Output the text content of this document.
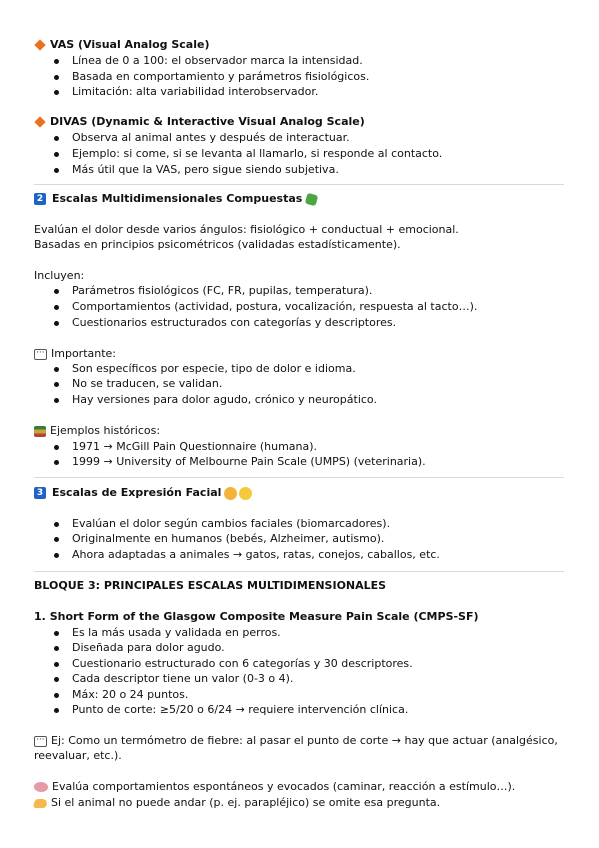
VAS (Visual Analog Scale)
Línea de 0 a 100: el observador marca la intensidad.
Basada en comportamiento y parámetros fisiológicos.
Limitación: alta variabilidad interobservador.
DIVAS (Dynamic & Interactive Visual Analog Scale)
Observa al animal antes y después de interactuar.
Ejemplo: si come, si se levanta al llamarlo, si responde al contacto.
Más útil que la VAS, pero sigue siendo subjetiva.
2 Escalas Multidimensionales Compuestas
Evalúan el dolor desde varios ángulos: fisiológico + conductual + emocional.
Basadas en principios psicométricos (validadas estadísticamente).
Incluyen:
Parámetros fisiológicos (FC, FR, pupilas, temperatura).
Comportamientos (actividad, postura, vocalización, respuesta al tacto…).
Cuestionarios estructurados con categorías y descriptores.
···Importante:
Son específicos por especie, tipo de dolor e idioma.
No se traducen, se validan.
Hay versiones para dolor agudo, crónico y neuropático.
Ejemplos históricos:
1971 → McGill Pain Questionnaire (humana).
1999 → University of Melbourne Pain Scale (UMPS) (veterinaria).
3 Escalas de Expresión Facial
Evalúan el dolor según cambios faciales (biomarcadores).
Originalmente en humanos (bebés, Alzheimer, autismo).
Ahora adaptadas a animales → gatos, ratas, conejos, caballos, etc.
BLOQUE 3: PRINCIPALES ESCALAS MULTIDIMENSIONALES
1. Short Form of the Glasgow Composite Measure Pain Scale (CMPS-SF)
Es la más usada y validada en perros.
Diseñada para dolor agudo.
Cuestionario estructurado con 6 categorías y 30 descriptores.
Cada descriptor tiene un valor (0-3 o 4).
Máx: 20 o 24 puntos.
Punto de corte: ≥5/20 o 6/24 → requiere intervención clínica.
···Ej: Como un termómetro de fiebre: al pasar el punto de corte → hay que actuar (analgésico,
reevaluar, etc.).
Evalúa comportamientos espontáneos y evocados (caminar, reacción a estímulo…).
Si el animal no puede andar (p. ej. parapléjico) se omite esa pregunta.
